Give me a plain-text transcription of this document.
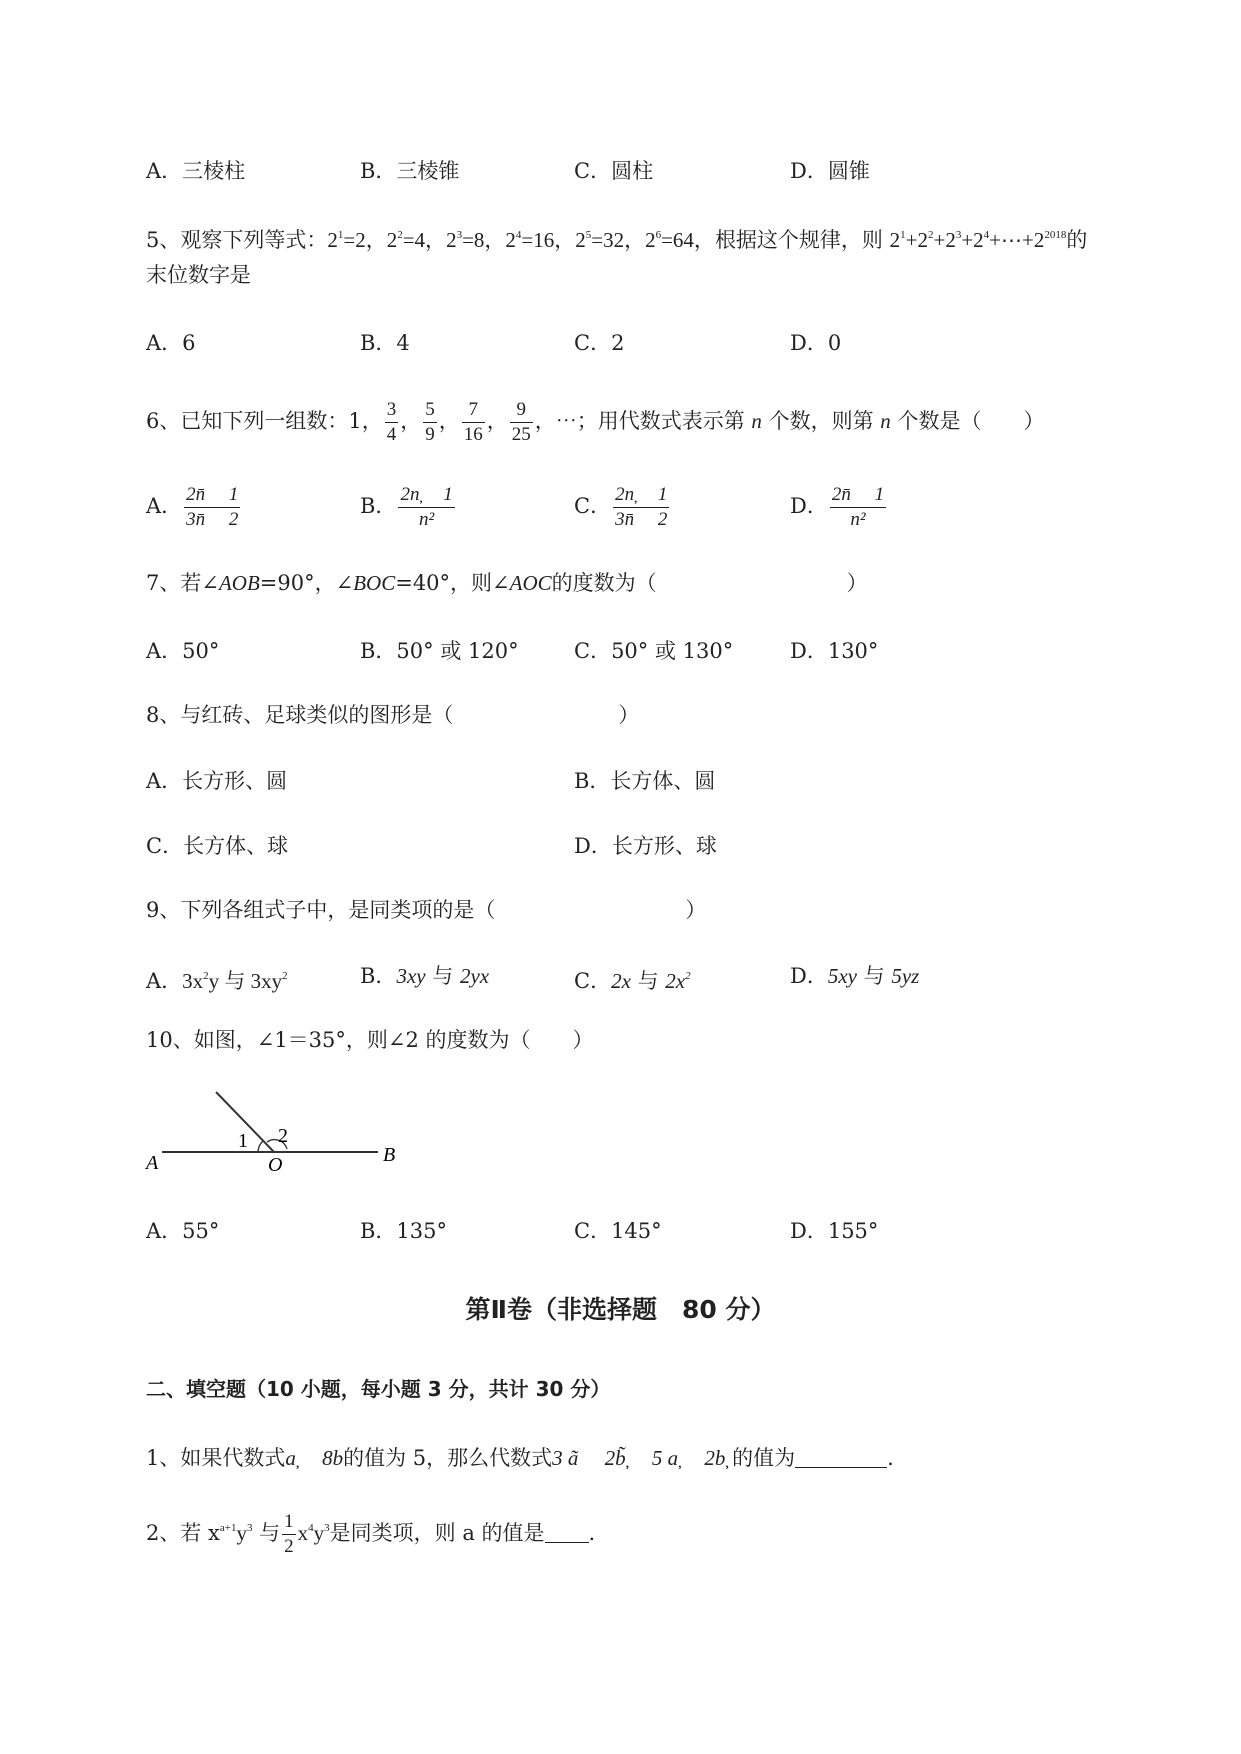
A．三棱柱	B．三棱锥	C．圆柱	D．圆锥
5、观察下列等式：$2^1=2$，$2^2=4$，$2^3=8$，$2^4=16$，$2^5=32$，$2^6=64$，根据这个规律，则 $2^1+2^2+2^3+2^4+\cdots+2^{2018}$的
末位数字是
A．6	B．4	C．2	D．0
6、已知下列一组数：1， $\frac{3}{4}$ ， $\frac{5}{9}$ ， $\frac{7}{16}$ ， $\frac{9}{25}$ ，⋯；用代数式表示第 n 个数，则第 n 个数是（　　）
A． $\frac{2n̄ 1}{3n̄ 2}$	B． $\frac{2n̦ 1}{\text{n²}}$	C． $\frac{2n̦ 1}{3n̄ 2}$	D． $\frac{2n̄ 1}{\text{n²}}$
7、若∠AOB=90°，∠BOC=40°，则∠AOC的度数为（	）
A．50°	B．50° 或 120°	C．50° 或 130°	D．130°
8、与红砖、足球类似的图形是（	）
A．长方形、圆	B．长方体、圆
C．长方体、球	D．长方形、球
9、下列各组式子中，是同类项的是（	）
A．$3x^2y$ 与 $3xy^2$	B．3xy 与 2yx	C．2x 与 $2x^2$	D．5xy 与 5yz
10、如图，∠1＝35°，则∠2 的度数为（　　）
1 2
A	O	B
A．55°	B．135°	C．145°	D．155°
第Ⅱ卷（非选择题　80 分）
二、填空题（10 小题，每小题 3 分，共计 30 分）
1、如果代数式a̦ 　8b的值为 5，那么代数式3 ã 　2b̦̃ 　5 a̦ 　2b̦ 的值为	.
2、若 $x^{a+1}y^3$ 与 $\frac{1}{2} x^4y^3$是同类项，则 a 的值是 .
